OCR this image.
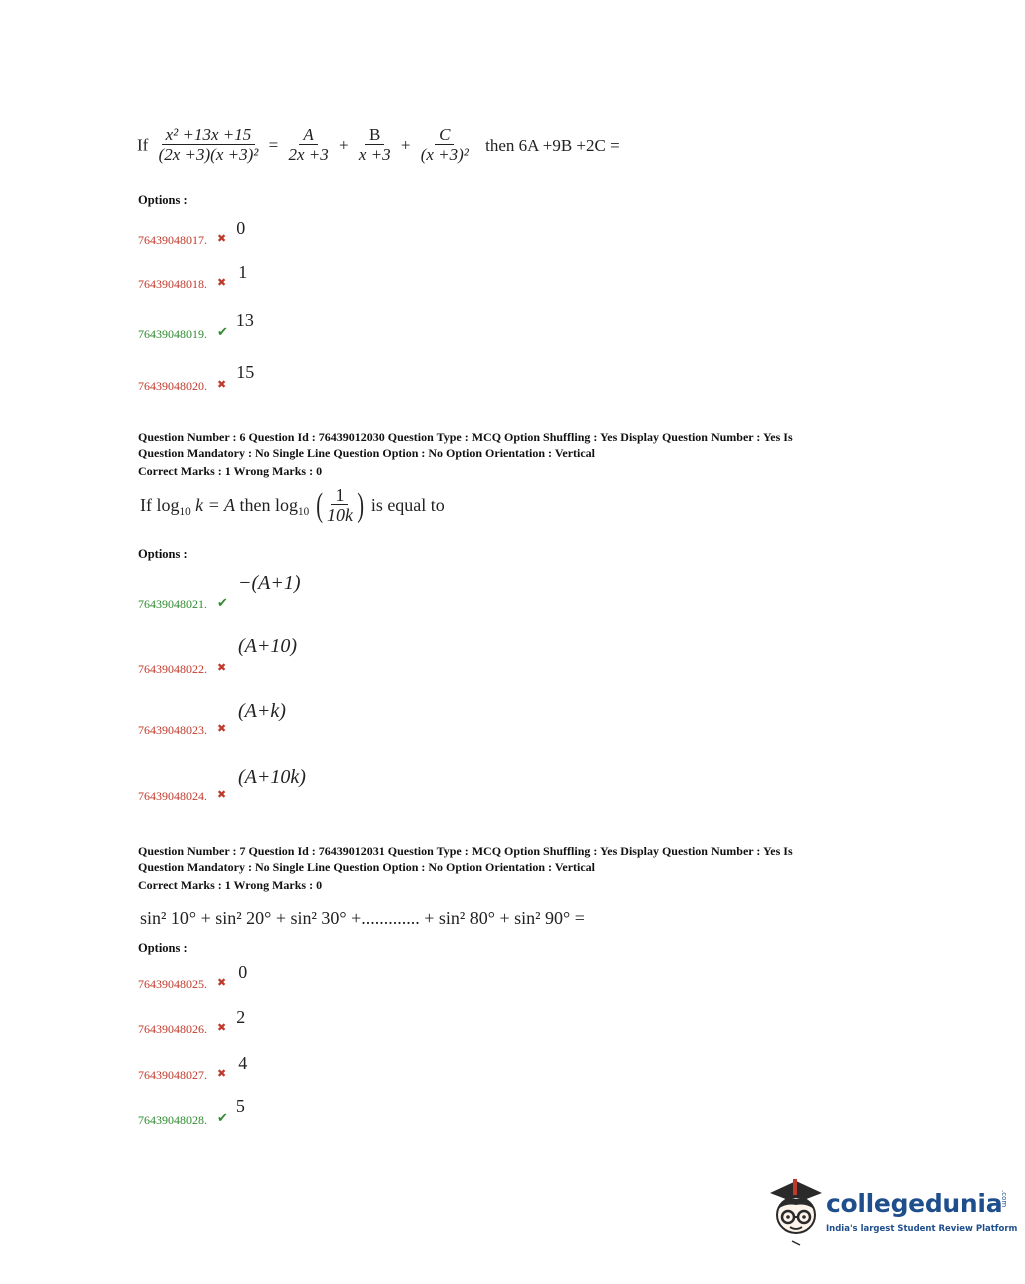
If $\frac{\text{x² +13x +15}}{\text{(2x +3)(x +3)²}} = \frac{A}{2x +3} + \frac{B}{x +3} + \frac{C}{\text{(x +3)²}}$ then 6A +9B +2C =
Options :
$_{76439048017.}$ ✖ 0
$_{76439048018.}$ ✖ 1
$_{76439048019.}$ ✔ 13
$_{76439048020.}$ ✖ 15
Question Number : 6 Question Id : 76439012030 Question Type : MCQ Option Shuffling : Yes Display Question Number : Yes Is
Question Mandatory : No Single Line Question Option : No Option Orientation : Vertical
Correct Marks : 1 Wrong Marks : 0
If $\log_{10} k = A$ then $\log_{10}$ ( $\frac{1}{10k}$ ) is equal to
Options :
$_{76439048021.}$ ✔
−(A+1)
$_{76439048022.}$ ✖
(A+10)
$_{76439048023.}$ ✖
(A+k)
$_{76439048024.}$ ✖
(A+10k)
Question Number : 7 Question Id : 76439012031 Question Type : MCQ Option Shuffling : Yes Display Question Number : Yes Is
Question Mandatory : No Single Line Question Option : No Option Orientation : Vertical
Correct Marks : 1 Wrong Marks : 0
sin² 10° + sin² 20° + sin² 30° +............. + sin² 80° + sin² 90° =
Options :
$_{76439048025.}$ ✖ 0
$_{76439048026.}$ ✖ 2
$_{76439048027.}$ ✖ 4
$_{76439048028.}$ ✔ 5
collegedunia.com
India's largest Student Review Platform
